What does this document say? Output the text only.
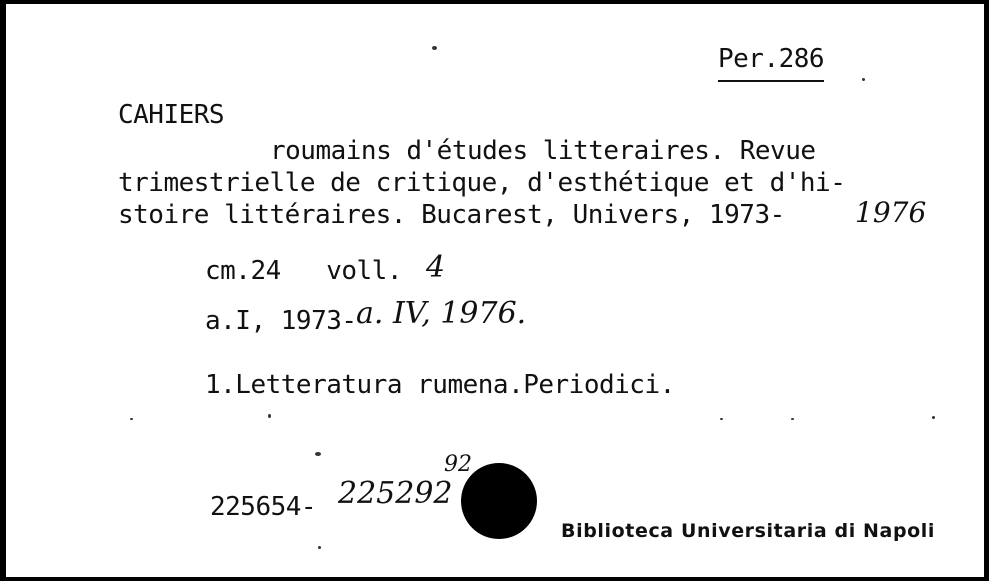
Per.286
CAHIERS
roumains d'études litteraires. Revue
trimestrielle de critique, d'esthétique et d'hi-
stoire littéraires. Bucarest, Univers, 1973-	1976
cm.24   voll. 4
a.I, 1973- a. IV, 1976.
1.Letteratura rumena.Periodici.
225654- 225292
92
Biblioteca Universitaria di Napoli
